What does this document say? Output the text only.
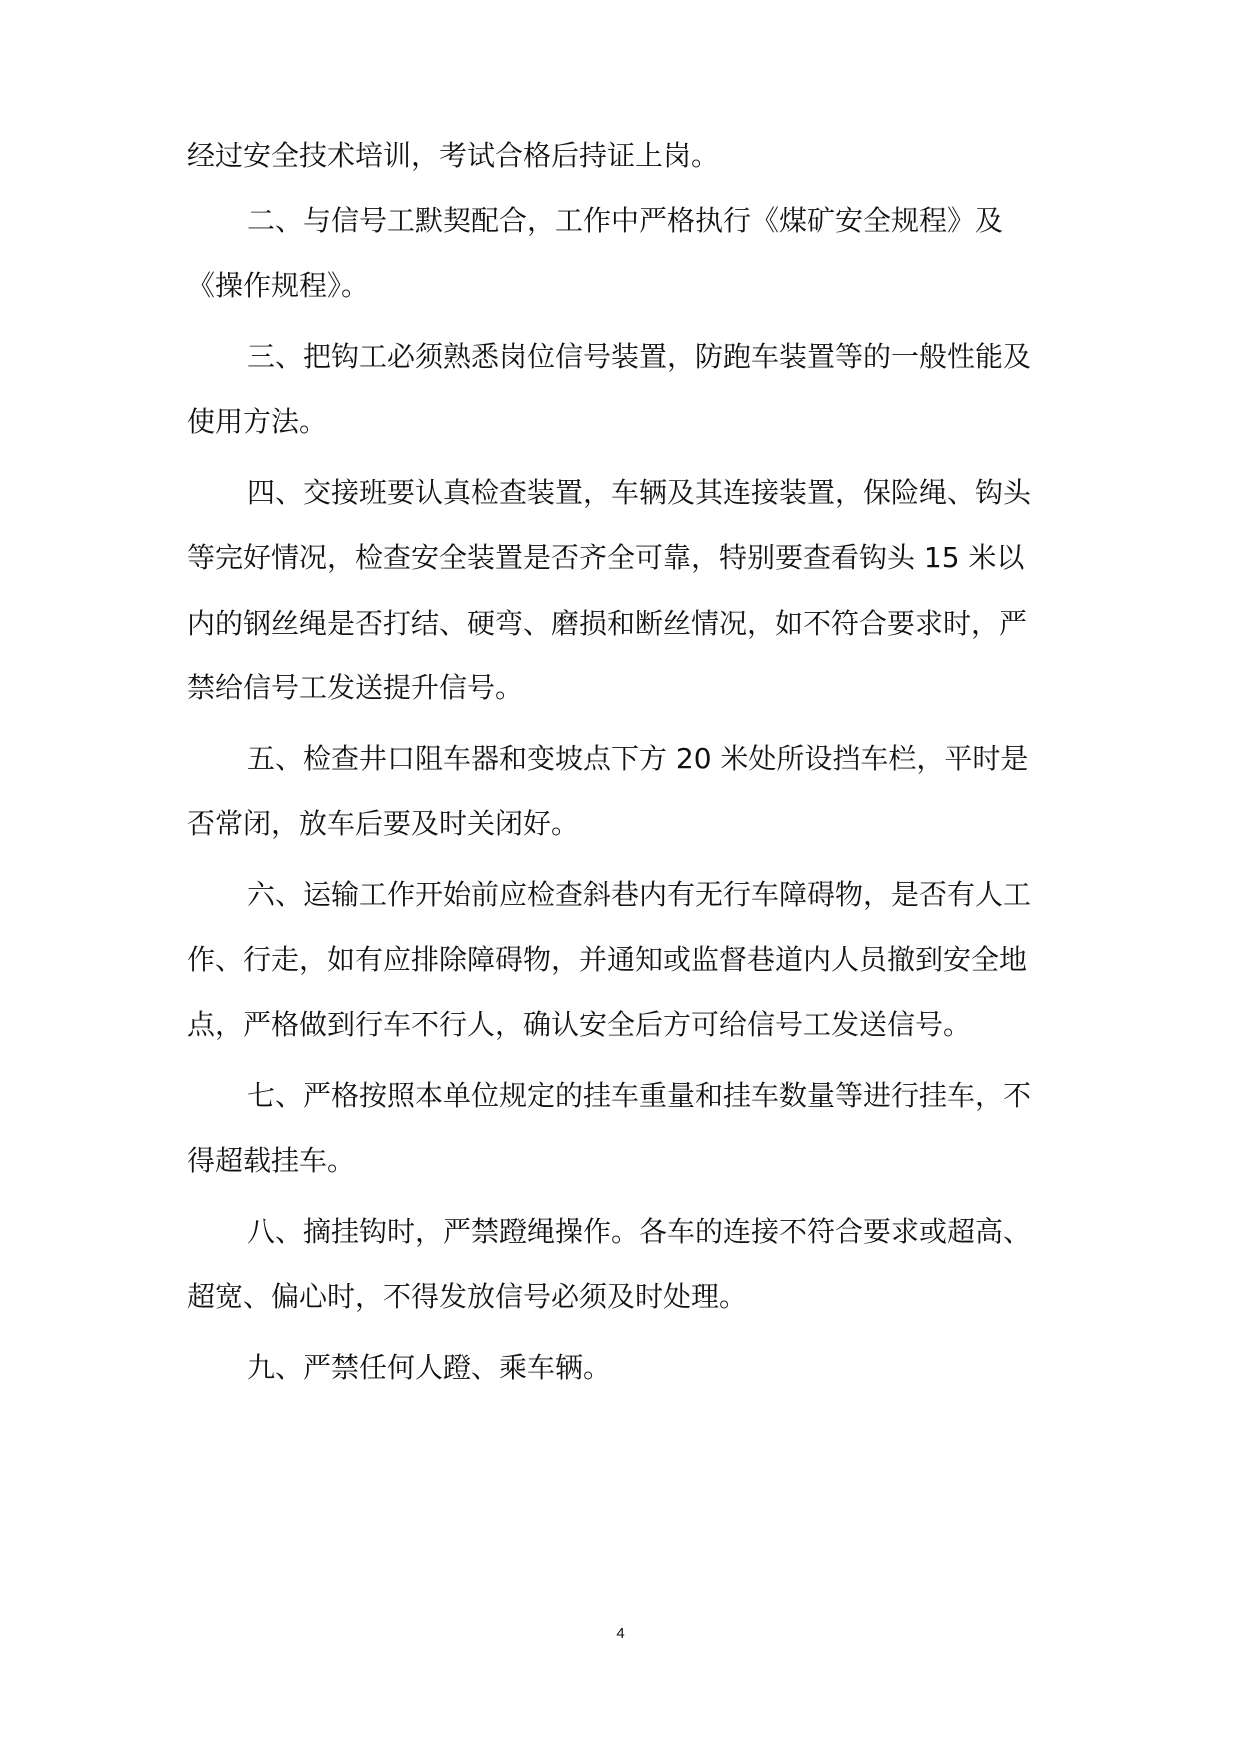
经过安全技术培训，考试合格后持证上岗。
二、与信号工默契配合，工作中严格执行《煤矿安全规程》及
《操作规程》。
三、把钩工必须熟悉岗位信号装置，防跑车装置等的一般性能及
使用方法。
四、交接班要认真检查装置，车辆及其连接装置，保险绳、钩头
等完好情况，检查安全装置是否齐全可靠，特别要查看钩头 15 米以
内的钢丝绳是否打结、硬弯、磨损和断丝情况，如不符合要求时，严
禁给信号工发送提升信号。
五、检查井口阻车器和变坡点下方 20 米处所设挡车栏，平时是
否常闭，放车后要及时关闭好。
六、运输工作开始前应检查斜巷内有无行车障碍物，是否有人工
作、行走，如有应排除障碍物，并通知或监督巷道内人员撤到安全地
点，严格做到行车不行人，确认安全后方可给信号工发送信号。
七、严格按照本单位规定的挂车重量和挂车数量等进行挂车，不
得超载挂车。
八、摘挂钩时，严禁蹬绳操作。各车的连接不符合要求或超高、
超宽、偏心时，不得发放信号必须及时处理。
九、严禁任何人蹬、乘车辆。
4
